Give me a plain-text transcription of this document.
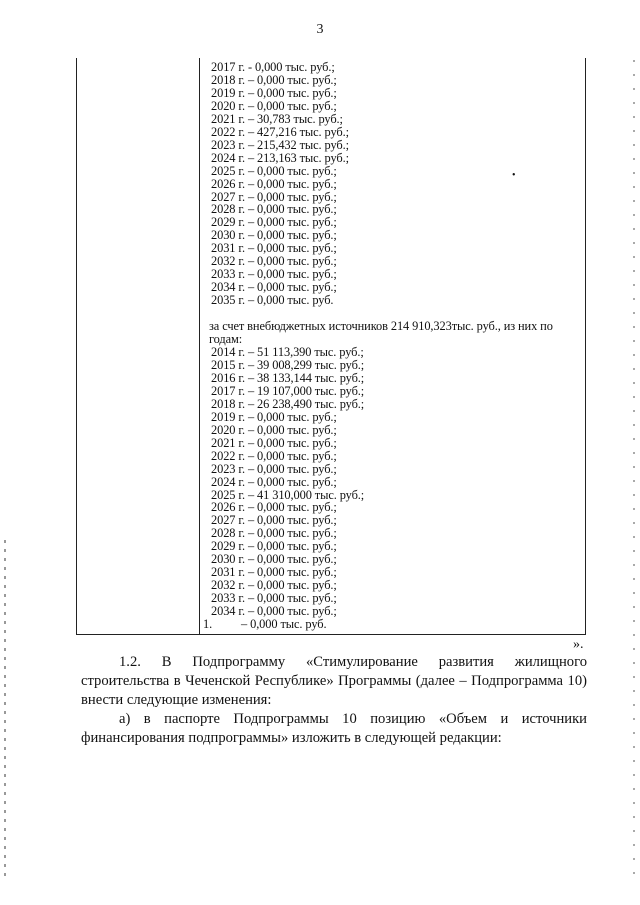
3
2017 г. - 0,000 тыс. руб.;
2018 г. – 0,000 тыс. руб.;
2019 г. – 0,000 тыс. руб.;
2020 г. – 0,000 тыс. руб.;
2021 г. – 30,783 тыс. руб.;
2022 г. – 427,216 тыс. руб.;
2023 г. – 215,432 тыс. руб.;
2024 г. – 213,163 тыс. руб.;
2025 г. – 0,000 тыс. руб.;
2026 г. – 0,000 тыс. руб.;
2027 г. – 0,000 тыс. руб.;
2028 г. – 0,000 тыс. руб.;
2029 г. – 0,000 тыс. руб.;
2030 г. – 0,000 тыс. руб.;
2031 г. – 0,000 тыс. руб.;
2032 г. – 0,000 тыс. руб.;
2033 г. – 0,000 тыс. руб.;
2034 г. – 0,000 тыс. руб.;
2035 г. – 0,000 тыс. руб.
за счет внебюджетных источников 214 910,323тыс. руб., из них по годам:
2014 г. – 51 113,390 тыс. руб.;
2015 г. – 39 008,299 тыс. руб.;
2016 г. – 38 133,144 тыс. руб.;
2017 г. – 19 107,000 тыс. руб.;
2018 г. – 26 238,490 тыс. руб.;
2019 г. – 0,000 тыс. руб.;
2020 г. – 0,000 тыс. руб.;
2021 г. – 0,000 тыс. руб.;
2022 г. – 0,000 тыс. руб.;
2023 г. – 0,000 тыс. руб.;
2024 г. – 0,000 тыс. руб.;
2025 г. – 41 310,000 тыс. руб.;
2026 г. – 0,000 тыс. руб.;
2027 г. – 0,000 тыс. руб.;
2028 г. – 0,000 тыс. руб.;
2029 г. – 0,000 тыс. руб.;
2030 г. – 0,000 тыс. руб.;
2031 г. – 0,000 тыс. руб.;
2032 г. – 0,000 тыс. руб.;
2033 г. – 0,000 тыс. руб.;
2034 г. – 0,000 тыс. руб.;
1. – 0,000 тыс. руб.
•
».

1.2. В Подпрограмму «Стимулирование развития жилищного строительства в Чеченской Республике» Программы (далее – Подпрограмма 10) внести следующие изменения:

а) в паспорте Подпрограммы 10 позицию «Объем и источники финансирования подпрограммы» изложить в следующей редакции:
